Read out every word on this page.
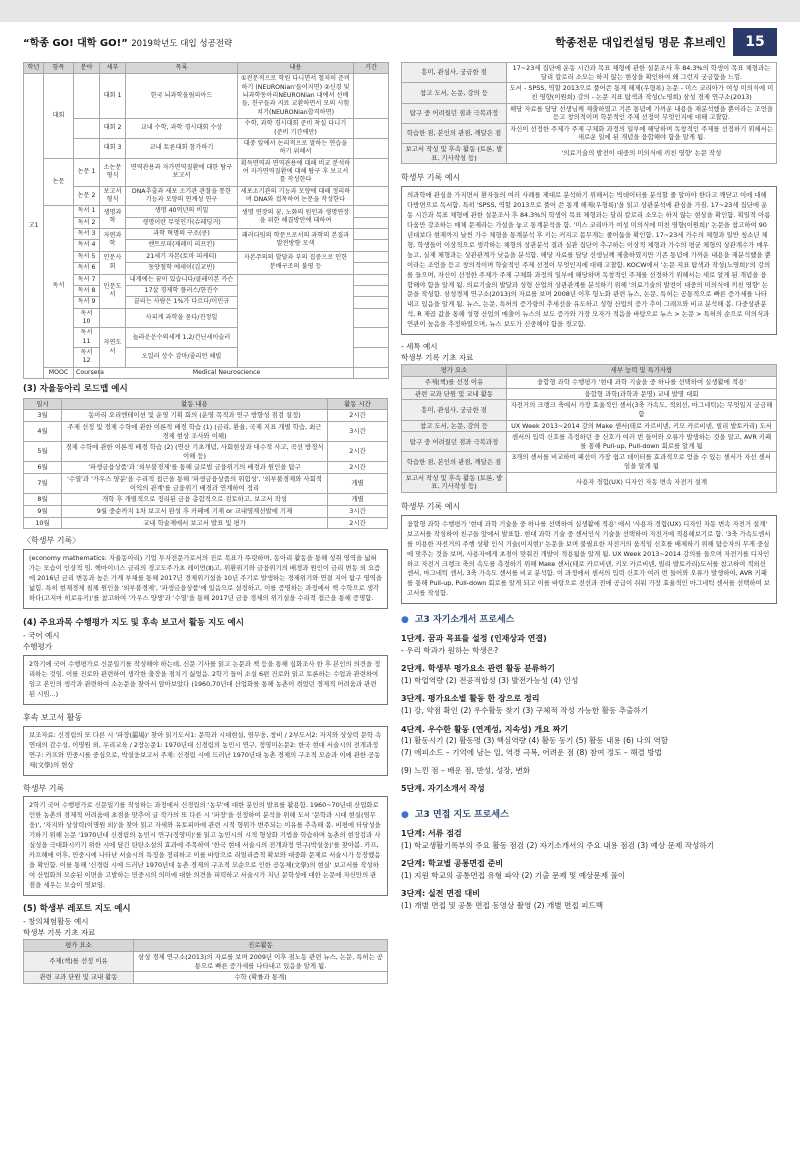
“학종 GO! 대학 GO!” 2019학년도 대입 성공전략	학종전문 대입컨설팅 명문 휴브레인	15
학년	항목	분야	세부	목록	내용	기간
고1	대회		대회 1	한국 뇌과학올림피아드	①전문적으로 학원 다니면서 철저히 준비하기 (NEURONian'들어지면) ②신경 및 뇌과학동아리NEURONian 내에서 선배들, 친구들과 지료 교환하면서 모의 시험 치기(NEURONian합격하면)	
			대회 2	교내 수학, 과학 경시대회 수상	수학, 과학 경시대회 준비 착실 다니기 (준비 기간에만)	
			대회 3	교내 토론대회 참가하기	대중 앞에서 논리적으로 말하는 연습을 하기 위해서	
	논문	논문 1	소논문 형식	면역관용과 자가면역질환에 대한 탐구 보고서	획득면역과 면역관용에 대해 비교 분석하여 자가면역질환에 대해 탐구 후 보고서를 작성한다	
		논문 2	보고서 형식	DNA추출과 세포 소기관 관찰을 통한 기능과 모양의 연계성 연구	세포소기관의 기능과 모양에 대해 정리하며 DNA와 접목하여 논문을 작성한다	
	독서	독서 1	생명과학	생명 40억년의 비밀	생명 연장의 꿈, 노화의 원인과 생명연장을 위한 해결방안에 대하여	
		독서 2		생명이란 무엇인가(슈레딩거)		
		독서 3	자연과학	과학 혁명의 구조(쿤)	패러다임의 학문으로서의 과학의 본질과 발전방향 모색	
		독서 4		엔트로피(제레미 리프킨)		
		독서 5	인문사회	21세기 자본(토마 피케티)	자본주의의 발달과 부의 집중으로 인한 분배구조의 불평 등	
		독서 6		동양철학 에세이(김교빈)		
		독서 7	인문도서	내게에는 꿈이 있습니다/클레이본 카슨		
		독서 8		17살 경제학 플러스/한진수		
		독서 9		끌리는 사람은 1%가 다르다/이민규		
		독서 10		사피게 과학을 묻다/진정일		
		독서 11	자연도서	놀라운운수의세계 1,2/건닌세이슬러		
		독서 12		오일러 상수 감마/줄리언 해빌		
	MOOC	Coursera	Medical Neuroscience			
(3) 자율동아리 로드맵 예시
일시	활동 내용	활동 시간
3월	동아리 오리엔테이션 및 운영 기획 회의 (운영 목적과 연구 방향성 점검 설정)	2시간
4월	주제 선정 및 경제 수학에 관한 이론적 배경 학습 (1) (금리, 환율, 국제 지표 개별 학습, 최근 경제 현상 조사와 이해)	3시간
5월	경제 수학에 관한 이론적 배경 학습 (2) (연산 기초개념, 사회현상과 대수적 사고, 곡선 방정식 이해 등)	2시간
6월	'파생금융상품'과 '외부불경제'를 통해 글로벌 금융위기의 배경과 원인을 탐구	2시간
7월	'수열'과 '가우스 양분'을 수리적 접근을 통해 '파생금융상품의 위험성', '외부불경제와 사회적 이익의 관계'를 금융위기 배경과 연계하여 정리	개별
8월	개학 후 개별적으로 정리된 금융 총합적으로 검토하고, 보고서 작성	개별
9월	9월 중순까지 1차 보고서 완성 후 카페에 기재 or 교내영재선발에 기재	3시간
10월	교내 학술제에서 보고서 발표 및 평가	2시간
〈학생부 기록〉
(economy mathematics: 자율동아리) 기업 투자전문가로서의 진로 목표가 뚜렷하며, 동아리 활동을 통해 성취 영역을 넓혀가는 모습이 인상적 임. 헥마이너스 금리의 경고도주가초 레이먼(Ⅱ)고, 위환위기와 금융위기의 배경과 원인이 금리 변동 외 요즘에 2016년 금리 변동과 높은 가계 부채를 통해 2017년 경제위기설을 10년 주기로 발생하는 경제위기와 연결 지어 탐구 영역을 넓힘. 특히 현재경제 침체 원인을 '외부불경제', '파생금융상품'에 있음으로 설정하고, 이를 증명하는 과정에서 책 수학으로 생각하다(고지마 히로유키)'를 참고하여 '가우스 양생'과 '수열'을 통해 2017년 금융 경제의 위기설을 수리적 접근을 통해 증명함.
(4) 주요과목 수행평가 지도 및 후속 보고서 활동 지도 예시
- 국어 예시
수행평가
2학기에 국어 수행평가로 신문일기를 작성해야 하는데, 신문 기사를 읽고 논문과 책 등을 통해 심화조사 한 후 본인의 의견을 정리하는 것임. 이를 진로와 관련하여 생각한 출장을 점치기 싫었음. 2학기 들어 소설 6편 진로와 읽고 토론하는 수업과 관련하여 임고 본인의 생각과 관련하여 소논문을 찾아서 알아보았다 (1960,70년대 산업화를 통해 농촌이 겪었던 경제적 어려움과 관련된 시임...)
후속 보고서 활동
보조자료: 신경림의 또 다른 시 '파장(罷場)' 찾아 읽기도서1: 문학과 시대현실, 염무웅, 창비 / 2부도서2: 자지와 상상력 문학 속 연대의 감수성, 이명원 외, 우리교육 / 2장논문1: 1970년대 신경림의 농민시 연구, 정영미논문2: 한국 현대 서술시의 전개과정 연구: 카프와 민중시를 중심으로, 박설웅보고서 주제: 신경림 시에 드러난 1970년대 농촌 경제의 구조적 모순과 이에 관한 공동체(文學)의 현상
학생부 기록
2학기 국어 수행평가로 신문일기를 작성하는 과정에서 신경림의 '농무'에 대한 분인의 발표를 활용함. 1960~70년대 산업화로 인한 농촌의 경제적 어려움에 초점을 맞추어 글 작가의 또 다른 시 '파장'을 선정하여 분석을 위해 도서 '문학과 시대 현실(염무웅)', '자지와 상상력(이명원 외)'을 찾아 읽고 자세와 유토피아에 관련 시적 형위가 변주되는 이유를 추측해 봄. 비평에 타당성을 기하기 위해 논문 '1970년대 신경림의 농민시 연구(정영미)'를 읽고 농민시의 시적 형상화 기법을 학습하며 농촌의 현장감과 사실성을 극대화시키기 위한 시에 담긴 탄탄소설의 효과에 주목하여 '한국 현대 서술시의 전개과정 연구(박설웅)'를 찾아봄. 카프, 카프해에 이후, 민중시에 나타난 서술시의 특징을 정리하고 이를 바탕으로 리얼리즘적 확보와 대중화 문제로 서술시가 등장했음을 확인함. 이를 통해 '신경림 시에 드러난 1970년대 농촌 경제의 구조적 모순으로 인한 공동체(文學)의 현실' 보고서를 작성하여 산업화의 모순된 이면을 고발하는 민중시의 의미에 대한 의견을 피력하고 서술시가 지닌 문학성에 대한 논문에 자신만의 관점을 세우는 모습이 엿보임.
(5) 학생부 레포트 지도 예시
- 창의체험활동 예시
학생부 기록 기초 자료
평가 요소	진로활동
주제(책)를 선정 이유	삼성 경제 연구소(2013)의 자료를 보며 2009년 이후 점노동 관련 뉴스, 논문, 특허는 공통으로 빠른 증가세를 나타내고 있음을 알게 됨.
관련 교과 단원 및 교내 활동	수학 (확률과 통계)
흥미, 관심사, 궁금한 점	17~23세 집단에 운동 시간과 목표 체형에 관한 설문조사 후 84.3%의 학생이 목표 체형과는 달리 칼로리 소모는 하지 않는 현상을 확인하여 왜 그런지 궁금함을 느낌.
참고 도서, 논문, 강의 등	도서 - SPSS, 역할 2013으로 풀어쓴 통계 해제(우형록) 논문 - 미스 코리아가 여성 미의식에 미친 영향(이원희) 강의 - 논문 지표 탐색과 작성(노영희) 삼성 경제 연구소(2013)
탐구 중 어려웠던 점과 극복과정	해당 자료를 담당 선생님께 제출하였고 기존 통념에 가까운 내용을 재분석했을 뿐이라는 조언을 듣고 창의적이며 학문적인 주제 선정이 무엇인지에 대해 고찰함.
학습한 점, 본인의 관점, 깨달은 점	자신이 선정한 주제가 주제 구체화 과정의 일부에 해당하며 독창적인 주제를 선정하기 위해서는 새로운 일에 된 개념을 융합해야 함을 알게 됨.
보고서 작성 및 후속 활동 (토론, 발표, 기사작성 등)	'의료기술의 발전이 대중의 미의식에 끼친 영향' 논문 작성
학생부 기록 예시
의과학에 관심을 가지면서 환자들의 여러 사례를 제대로 분석하기 위해서는 빅데이터를 분석할 줄 알아야 한다고 깨닫고 이에 대해 다방면으로 독서함. 특히 'SPSS, 역할 2013으로 풀어 쓴 통계 해제(우형록)'을 읽고 상관분석에 관심을 가짐. 17~23세 집단에 운동 시간과 목표 체형에 관한 설문조사 후 84.3%의 학생이 목표 체형과는 달리 칼로리 소모는 하지 않는 현상을 확인함. 획일적 아름다움만 강조하는 매체 문제라는 가설을 놓고 통계분석을 함. '미스 코리아가 여성 미의식에 미친 영향(이원희)' 논문을 참고하여 90년대보다 현재까지 날씬 가수 체형을 통계분석 후 키는 커지고 몸무게는 줄어듦을 확인함. 17~23세 가수의 체형과 일반 청소년 체형, 학생들이 이상적으로 생각하는 체형의 상관분석 결과 실관 집단이 추구하는 이상적 체형과 가수의 평균 체형의 상관계수가 매우 높고, 실제 체형과는 상관관계가 낮음을 분석함. 해당 자료를 담당 선생님께 제출하였지만 기존 통념에 가까운 내용을 재분석했을 뿐이라는 조언을 듣고 창의적이며 학술적인 주제 선정이 무엇인지에 대해 고찰함. KOCW에서 '논문 지표 탐색과 작성(노영희)'의 강의를 들으며, 자신이 선정한 주제가 주제 구체화 과정의 일부에 해당하며 독창적인 주제를 선정하기 위해서는 새로 알게 된 개념을 융합해야 함을 알게 됨. 의료기술의 발달과 성형 산업의 상관관계를 분석하기 위해 '의료기술의 발전이 대중의 미의식에 끼친 영향' 논문을 작성함. 삼성경제 연구소(2013)의 자료를 보며 2008년 이후 헝노화 관련 뉴스, 논문, 특허는 공통적으로 빠른 증가세를 나타내고 있음을 알게 됨. 뉴스, 논문, 특허의 증가량의 추세선을 유도하고 성형 산업의 증가 추이 그래프와 비교 분석해 봄. 다중상관분석, R 제곱 값을 통해 성형 산업의 매출이 뉴스의 보도 증가와 가장 모자가 적음을 바탕으로 뉴스 > 논문 > 특허의 순으로 미의식과 연관이 높음을 추정하였으며, 뉴스 보도가 신중해야 함을 경고함.
- 세특 예시
학생부 기록 기초 자료
평가 요소	세부 능력 및 특기사항
주제(책)를 선정 이유	융합형 과학 수행평가 '현대 과학 기술을 중 하나를 선택하여 실생활에 적용'
관련 교과 단원 및 교내 활동	융합형 과학(과학과 문명) 교내 발명 대회
흥미, 관심사, 궁금한 점	자전거의 크랭크 축에서 가장 효율적인 센서(3축 가속도, 적외선, 마그네틱)는 무엇일지 궁금해 함
참고 도서, 논문, 강의 등	UX Week 2013~2014 강의 Make 센서(테로 카르비넨, 키모 카르비넨, 빌리 발토카리) 도서
탐구 중 어려웠던 점과 극복과정	센서의 입력 신호를 측정하던 중 신호가 여러 번 들어와 오류가 발생하는 것을 알고, AVR 키패를 통해 Pull-up, Pull-down 회로를 알게 됨
학습한 점, 본인의 관점, 깨달은 점	3개의 센서를 비교하여 패선이 가장 쉽고 데이터를 효과적으로 얻을 수 있는 센서가 자선 센서임을 알게 됨
보고서 작성 및 후속 활동 (토론, 발표, 기사작성 등)	사용자 경험(UX) 디자인 자동 변속 자전거 설계
학생부 기록 예시
융합형 과학 수행평가 '현대 과학 기술을 중 하나를 선택하여 실생활에 적용' 에서 '사용자 경험(UX) 디자인 자동 변속 자전거 설계' 보고서를 작성하여 친구들 앞에서 발표함. 현대 과학 기술 중 센서인식 기술을 선택하여 자전거에 적용해보기로 함. '3축 가속도센서를 이용한 자전거의 주행 상황 인식 기술(이지현)' 논문을 보며 불필요한 자전거의 움직임 신호를 배제하기 위해 탐승자의 무게 중심에 맞추는 것을 보며, 사용자에게 초점이 맞춰진 개발이 적용됨을 알게 됨. UX Week 2013~2014 강의를 들으며 자전거를 디자인 하고 자전거 크랭크 축의 속도를 측정하기 위해 Make 센서(테로 카르비넨, 키모 카르비넨, 빌리 발토카리)도서를 참고하여 적외선 센서, 마그네틱 센서, 3축 가속도 센서를 비교 분석함. 이 과정에서 센서의 입력 신호가 여러 번 들어와 오류가 발생하여, AVR 키패를 통해 Pull-up, Pull-down 회로를 알게 되고 이를 바탕으로 전선과 전에 공급이 쉬워 가장 효율적인 마그네틱 센서를 선택하여 보고서를 작성함.
● 고3 자기소개서 프로세스
1단계. 꿈과 목표를 설정 (인재상과 연결)
- 우리 학과가 원하는 학생은?
2단계. 학생부 평가요소 관련 활동 분류하기
(1) 학업역량 (2) 전공적합성 (3) 발전가능성 (4) 인성
3단계. 평가요소별 활동 한 장으로 정리
(1) 강, 약점 확인 (2) 우수활동 찾기 (3) 구체적 작성 가능한 활동 추출하기
4단계. 우수한 활동 (연계성, 지속성) 개요 짜기
(1) 활동시기 (2) 활동명 (3) 핵심역량 (4) 활동 동기 (5) 활동 내용 (6) 나의 역할
(7) 에피소드 – 기억에 남는 일, 역경 극복, 어려운 점 (8) 참여 정도 – 해결 방법
(9) 느낀 점 – 배운 점, 반성, 성장, 변화
5단계. 자기소개서 작성
● 고3 면접 지도 프로세스
1단계: 서류 점검
(1) 학교생활기록부의 주요 활동 점검 (2) 자기소개서의 주요 내용 점검 (3) 예상 문제 작성하기
2단계: 학교별 공통면접 준비
(1) 지원 학교의 공통면접 유형 파악 (2) 기출 문제 및 예상문제 풀이
3단계: 실전 면접 대비
(1) 개별 면접 및 공통 면접 동영상 촬영 (2) 개별 면접 피드백
